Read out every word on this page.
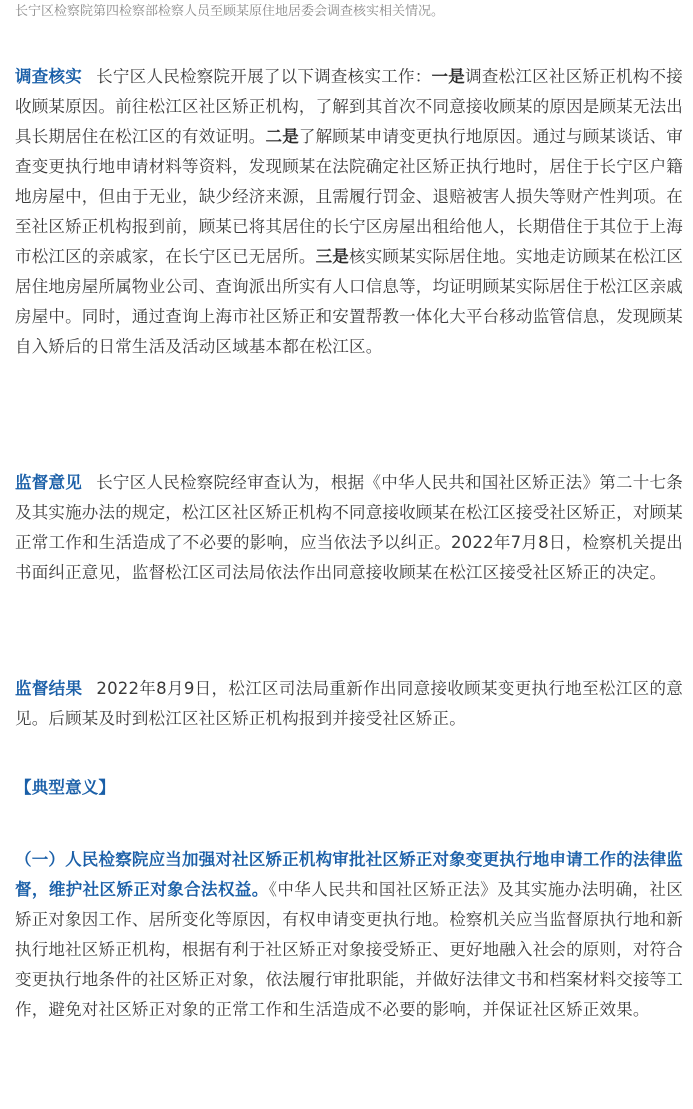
长宁区检察院第四检察部检察人员至顾某原住地居委会调查核实相关情况。

调查核实 长宁区人民检察院开展了以下调查核实工作：一是调查松江区社区矫正机构不接收顾某原因。前往松江区社区矫正机构，了解到其首次不同意接收顾某的原因是顾某无法出具长期居住在松江区的有效证明。二是了解顾某申请变更执行地原因。通过与顾某谈话、审查变更执行地申请材料等资料，发现顾某在法院确定社区矫正执行地时，居住于长宁区户籍地房屋中，但由于无业，缺少经济来源，且需履行罚金、退赔被害人损失等财产性判项。在至社区矫正机构报到前，顾某已将其居住的长宁区房屋出租给他人，长期借住于其位于上海市松江区的亲戚家，在长宁区已无居所。三是核实顾某实际居住地。实地走访顾某在松江区居住地房屋所属物业公司、查询派出所实有人口信息等，均证明顾某实际居住于松江区亲戚房屋中。同时，通过查询上海市社区矫正和安置帮教一体化大平台移动监管信息，发现顾某自入矫后的日常生活及活动区域基本都在松江区。

监督意见 长宁区人民检察院经审查认为，根据《中华人民共和国社区矫正法》第二十七条及其实施办法的规定，松江区社区矫正机构不同意接收顾某在松江区接受社区矫正，对顾某正常工作和生活造成了不必要的影响，应当依法予以纠正。2022年7月8日，检察机关提出书面纠正意见，监督松江区司法局依法作出同意接收顾某在松江区接受社区矫正的决定。

监督结果 2022年8月9日，松江区司法局重新作出同意接收顾某变更执行地至松江区的意见。后顾某及时到松江区社区矫正机构报到并接受社区矫正。

【典型意义】

（一）人民检察院应当加强对社区矫正机构审批社区矫正对象变更执行地申请工作的法律监督，维护社区矫正对象合法权益。《中华人民共和国社区矫正法》及其实施办法明确，社区矫正对象因工作、居所变化等原因，有权申请变更执行地。检察机关应当监督原执行地和新执行地社区矫正机构，根据有利于社区矫正对象接受矫正、更好地融入社会的原则，对符合变更执行地条件的社区矫正对象，依法履行审批职能，并做好法律文书和档案材料交接等工作，避免对社区矫正对象的正常工作和生活造成不必要的影响，并保证社区矫正效果。
